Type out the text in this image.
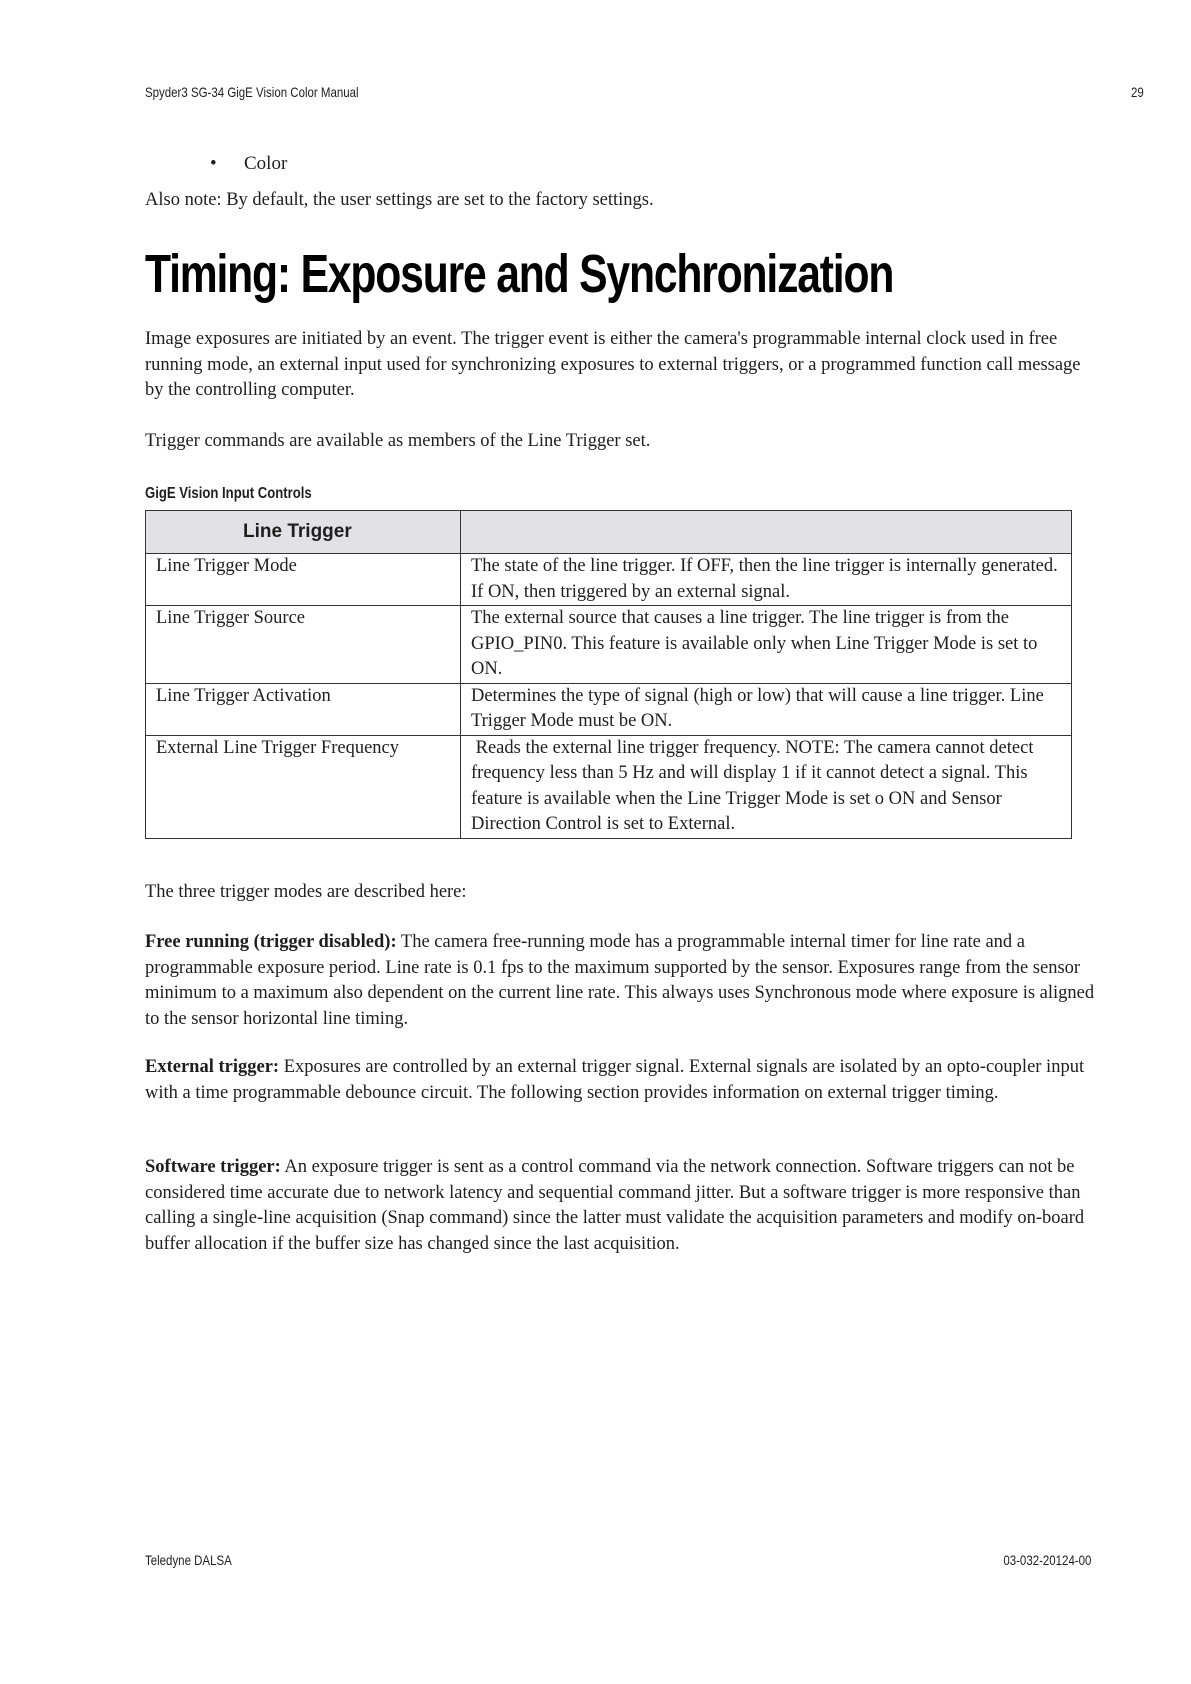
Spyder3 SG-34 GigE Vision Color Manual	29
• Color

Also note: By default, the user settings are set to the factory settings.

Timing: Exposure and Synchronization

Image exposures are initiated by an event. The trigger event is either the camera's programmable internal clock used in free running mode, an external input used for synchronizing exposures to external triggers, or a programmed function call message by the controlling computer.

Trigger commands are available as members of the Line Trigger set.

GigE Vision Input Controls
Line Trigger	
Line Trigger Mode	The state of the line trigger. If OFF, then the line trigger is internally generated. If ON, then triggered by an external signal.
Line Trigger Source	The external source that causes a line trigger. The line trigger is from the GPIO_PIN0. This feature is available only when Line Trigger Mode is set to ON.
Line Trigger Activation	Determines the type of signal (high or low) that will cause a line trigger. Line Trigger Mode must be ON.
External Line Trigger Frequency	Reads the external line trigger frequency. NOTE: The camera cannot detect frequency less than 5 Hz and will display 1 if it cannot detect a signal. This feature is available when the Line Trigger Mode is set o ON and Sensor Direction Control is set to External.

The three trigger modes are described here:

Free running (trigger disabled): The camera free-running mode has a programmable internal timer for line rate and a programmable exposure period. Line rate is 0.1 fps to the maximum supported by the sensor. Exposures range from the sensor minimum to a maximum also dependent on the current line rate. This always uses Synchronous mode where exposure is aligned to the sensor horizontal line timing.

External trigger: Exposures are controlled by an external trigger signal. External signals are isolated by an opto-coupler input with a time programmable debounce circuit. The following section provides information on external trigger timing.

Software trigger: An exposure trigger is sent as a control command via the network connection. Software triggers can not be considered time accurate due to network latency and sequential command jitter. But a software trigger is more responsive than calling a single-line acquisition (Snap command) since the latter must validate the acquisition parameters and modify on-board buffer allocation if the buffer size has changed since the last acquisition.

Teledyne DALSA	03-032-20124-00
